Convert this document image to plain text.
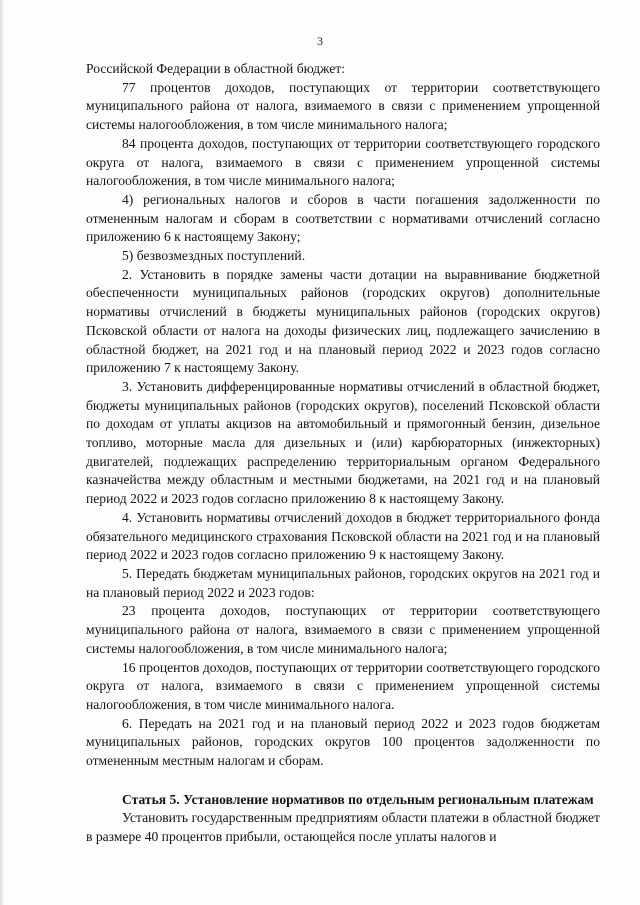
3

Российской Федерации в областной бюджет:

77 процентов доходов, поступающих от территории соответствующего муниципального района от налога, взимаемого в связи с применением упрощенной системы налогообложения, в том числе минимального налога;

84 процента доходов, поступающих от территории соответствующего городского округа от налога, взимаемого в связи с применением упрощенной системы налогообложения, в том числе минимального налога;

4) региональных налогов и сборов в части погашения задолженности по отмененным налогам и сборам в соответствии с нормативами отчислений согласно приложению 6 к настоящему Закону;

5) безвозмездных поступлений.

2. Установить в порядке замены части дотации на выравнивание бюджетной обеспеченности муниципальных районов (городских округов) дополнительные нормативы отчислений в бюджеты муниципальных районов (городских округов) Псковской области от налога на доходы физических лиц, подлежащего зачислению в областной бюджет, на 2021 год и на плановый период 2022 и 2023 годов согласно приложению 7 к настоящему Закону.

3. Установить дифференцированные нормативы отчислений в областной бюджет, бюджеты муниципальных районов (городских округов), поселений Псковской области по доходам от уплаты акцизов на автомобильный и прямогонный бензин, дизельное топливо, моторные масла для дизельных и (или) карбюраторных (инжекторных) двигателей, подлежащих распределению территориальным органом Федерального казначейства между областным и местными бюджетами, на 2021 год и на плановый период 2022 и 2023 годов согласно приложению 8 к настоящему Закону.

4. Установить нормативы отчислений доходов в бюджет территориального фонда обязательного медицинского страхования Псковской области на 2021 год и на плановый период 2022 и 2023 годов согласно приложению 9 к настоящему Закону.

5. Передать бюджетам муниципальных районов, городских округов на 2021 год и на плановый период 2022 и 2023 годов:

23 процента доходов, поступающих от территории соответствующего муниципального района от налога, взимаемого в связи с применением упрощенной системы налогообложения, в том числе минимального налога;

16 процентов доходов, поступающих от территории соответствующего городского округа от налога, взимаемого в связи с применением упрощенной системы налогообложения, в том числе минимального налога.

6. Передать на 2021 год и на плановый период 2022 и 2023 годов бюджетам муниципальных районов, городских округов 100 процентов задолженности по отмененным местным налогам и сборам.

Статья 5. Установление нормативов по отдельным региональным платежам

Установить государственным предприятиям области платежи в областной бюджет в размере 40 процентов прибыли, остающейся после уплаты налогов и
